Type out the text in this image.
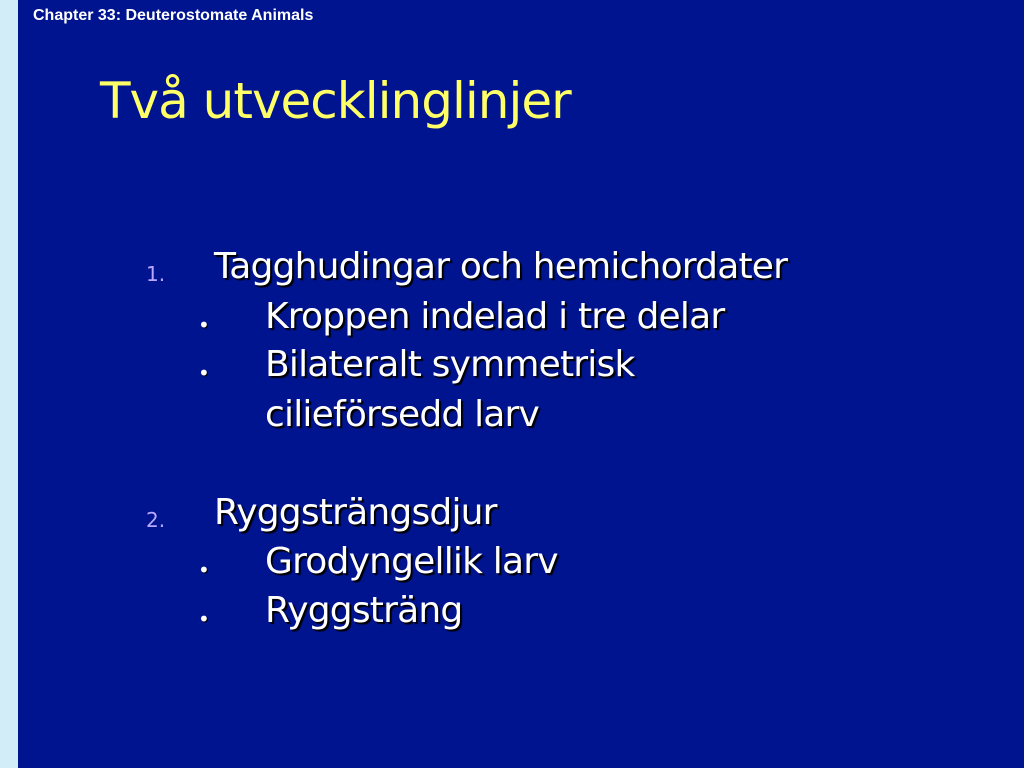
Chapter 33: Deuterostomate Animals
Två utvecklinglinjer
1. Tagghudingar och hemichordater
• Kroppen indelad i tre delar
• Bilateralt symmetrisk
cilieförsedd larv
2. Ryggsträngsdjur
• Grodyngellik larv
• Ryggsträng
